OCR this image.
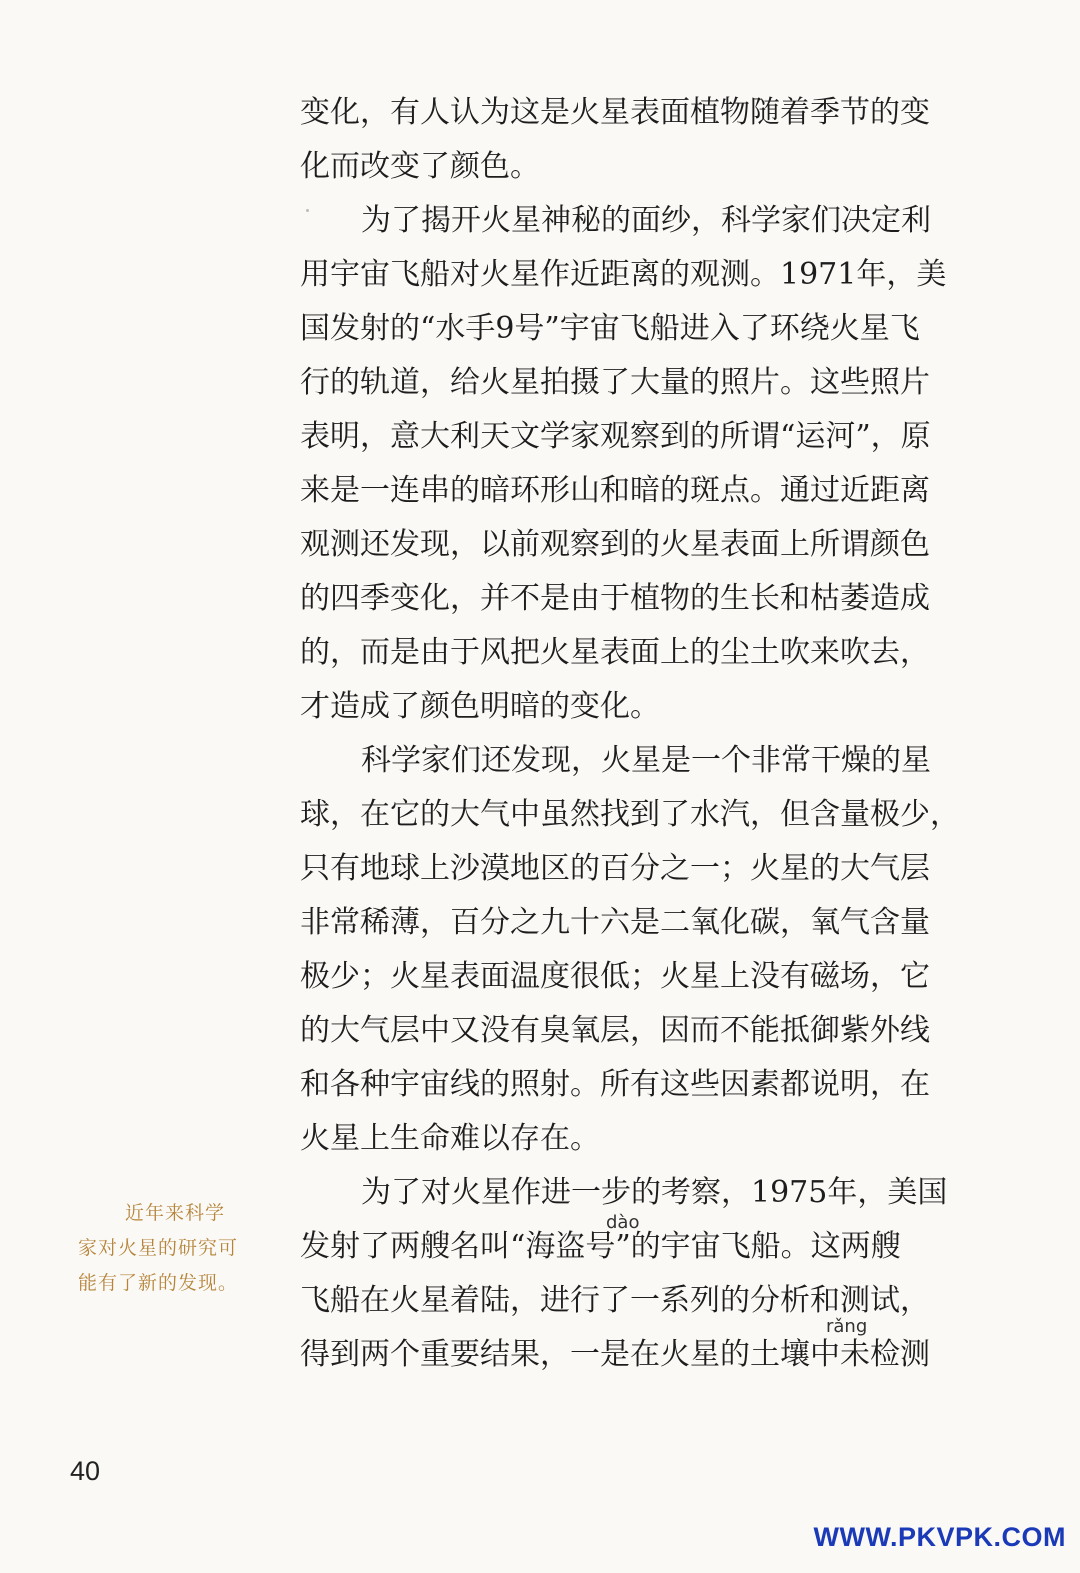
变化，有人认为这是火星表面植物随着季节的变
化而改变了颜色。
为了揭开火星神秘的面纱，科学家们决定利
用宇宙飞船对火星作近距离的观测。1971年，美
国发射的“水手9号”宇宙飞船进入了环绕火星飞
行的轨道，给火星拍摄了大量的照片。这些照片
表明，意大利天文学家观察到的所谓“运河”，原
来是一连串的暗环形山和暗的斑点。通过近距离
观测还发现，以前观察到的火星表面上所谓颜色
的四季变化，并不是由于植物的生长和枯萎造成
的，而是由于风把火星表面上的尘土吹来吹去，
才造成了颜色明暗的变化。
科学家们还发现，火星是一个非常干燥的星
球，在它的大气中虽然找到了水汽，但含量极少，
只有地球上沙漠地区的百分之一；火星的大气层
非常稀薄，百分之九十六是二氧化碳，氧气含量
极少；火星表面温度很低；火星上没有磁场，它
的大气层中又没有臭氧层，因而不能抵御紫外线
和各种宇宙线的照射。所有这些因素都说明，在
火星上生命难以存在。
为了对火星作进一步的考察，1975年，美国
dào
发射了两艘名叫“海盗号”的宇宙飞船。这两艘
飞船在火星着陆，进行了一系列的分析和测试，
rǎng
得到两个重要结果，一是在火星的土壤中未检测
近年来科学
家对火星的研究可
能有了新的发现。
40
WWW.PKVPK.COM
